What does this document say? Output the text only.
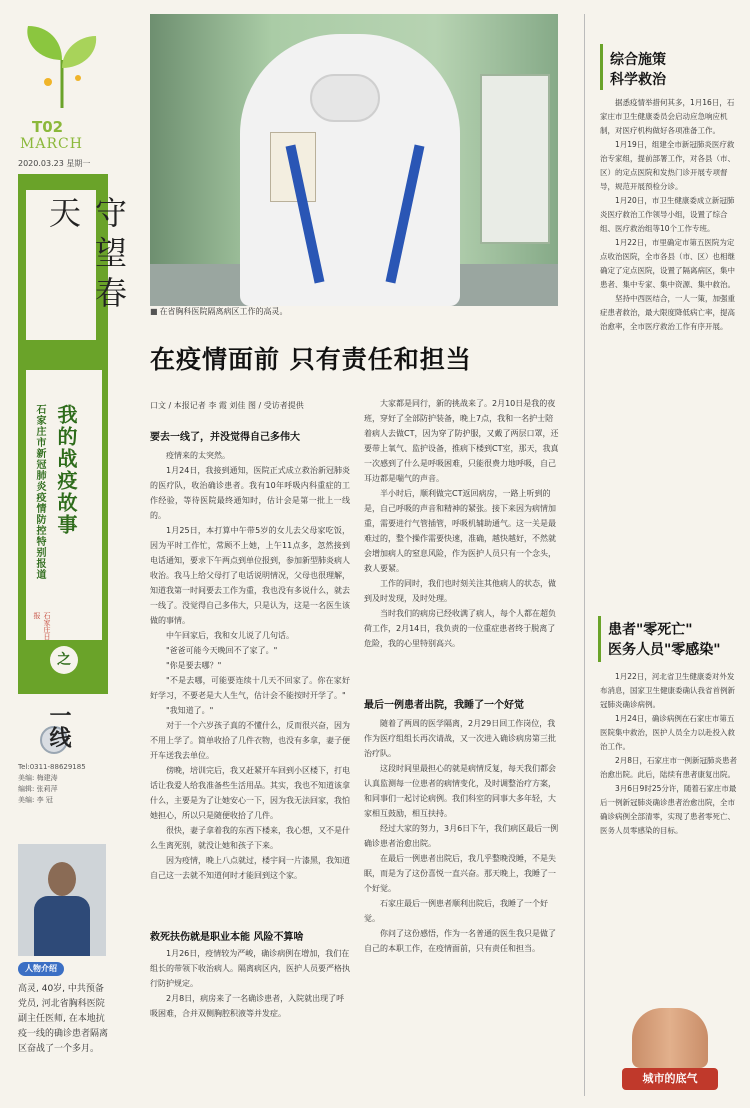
T02
MARCH
2020.03.23 星期一
守望春天
石家庄市新冠肺炎疫情防控特别报道 我的战疫故事
石家庄日报
之
一线
Tel:0311-88629185
美编: 梅建涛
编辑: 张莉萍
美编: 李 冠
人物介绍
高灵, 40岁, 中共预备党员, 河北省胸科医院副主任医师, 在本地抗疫一线的确诊患者隔离区奋战了一个多月。
■ 在省胸科医院隔离病区工作的高灵。
在疫情面前 只有责任和担当
口文 / 本报记者 李 霞 刘佳 图 / 受访者提供
要去一线了，并没觉得自己多伟大

疫情来的太突然。

1月24日，我接到通知，医院正式成立救治新冠肺炎的医疗队，收治确诊患者。我有10年呼吸内科重症的工作经验，等待医院最终通知时，估计会是第一批上一线的。

1月25日，本打算中午带5岁的女儿去父母家吃饭，因为平时工作忙，常顾不上她，上午11点多，忽然接到电话通知，要求下午两点到单位报到，参加新型肺炎病人收治。我马上给父母打了电话说明情况，父母也很理解，知道我第一时间要去工作为重，我也没有多说什么，就去一线了。没觉得自己多伟大，只是认为，这是一名医生该做的事情。

中午回家后，我和女儿说了几句话。

"爸爸可能今天晚回不了家了。"

"你是要去哪？"

"不是去哪，可能要连续十几天不回家了。你在家好好学习，不要老是大人生气，估计会不能按时开学了。"

"我知道了。"

对于一个六岁孩子真的不懂什么，反而很兴奋，因为不用上学了。简单收拾了几件衣物，也没有多拿，妻子便开车送我去单位。

傍晚，培训完后，我又赶紧开车回到小区楼下，打电话让我爱人给我准备些生活用品。其实，我也不知道该拿什么，主要是为了让她安心一下，因为我无法回家，我怕她担心，所以只是随便收拾了几件。

很快，妻子拿着我的东西下楼来，我心想，又不是什么生离死别，就没让她和孩子下来。

因为疫情，晚上八点就过，楼宇间一片漆黑，我知道自己这一去就不知道何时才能回到这个家。

救死扶伤就是职业本能 风险不算啥

1月26日，疫情较为严峻，确诊病例在增加，我们在组长的带领下收治病人。隔离病区内，医护人员要严格执行防护规定。

2月8日，病房来了一名确诊患者，入院就出现了呼吸困难，合并双侧胸腔积液等并发症。

大家都是同行，新的挑战来了。2月10日是我的夜班，穿好了全部防护装备，晚上7点，我和一名护士陪着病人去做CT，因为穿了防护服，又戴了两层口罩，还要带上氧气、监护设备，推病下楼到CT室，那天，我真一次感到了什么是呼吸困难，只能很费力地呼吸，自己耳边都是喘气的声音。

半小时后，顺利做完CT返回病房，一路上听到的是，自己呼吸的声音和精神的紧张。接下来因为病情加重，需要进行气管插管，呼吸机辅助通气。这一关是最难过的，整个操作需要快速，准确，越快越好，不然就会增加病人的窒息风险，作为医护人员只有一个念头，救人要紧。

工作的同时，我们也时刻关注其他病人的状态，做到及时发现，及时处理。

当时我们的病房已经收满了病人，每个人都在超负荷工作，2月14日，我负责的一位重症患者终于脱离了危险，我的心里特别高兴。

最后一例患者出院，我睡了一个好觉

随着了两周的医学隔离，2月29日回工作岗位，我作为医疗组组长再次请战，又一次进入确诊病房第三批治疗队。

这段时间里最担心的就是病情反复，每天我们都会认真监测每一位患者的病情变化，及时调整治疗方案，和同事们一起讨论病例。我们科室的同事大多年轻，大家相互鼓励，相互扶持。

经过大家的努力，3月6日下午，我们病区最后一例确诊患者治愈出院。

在最后一例患者出院后，我几乎整晚没睡，不是失眠，而是为了这份喜悦一直兴奋。那天晚上，我睡了一个好觉。

石家庄最后一例患者顺利出院后，我睡了一个好觉。

你问了这份感悟，作为一名普通的医生我只是做了自己的本职工作，在疫情面前，只有责任和担当。

综合施策
科学救治

据悉疫情举措何其多，1月16日，石家庄市卫生健康委员会启动应急响应机制，对医疗机构做好各项准备工作。

1月19日，组建全市新冠肺炎医疗救治专家组，提前部署工作，对各县（市、区）的定点医院和发热门诊开展专项督导，规范开展预检分诊。

1月20日，市卫生健康委成立新冠肺炎医疗救治工作领导小组，设置了综合组、医疗救治组等10个工作专班。

1月22日，市里确定市第五医院为定点收治医院，全市各县（市、区）也相继确定了定点医院，设置了隔离病区，集中患者、集中专家、集中资源、集中救治。

坚持中西医结合，一人一策，加强重症患者救治，最大限度降低病亡率，提高治愈率，全市医疗救治工作有序开展。

患者"零死亡"
医务人员"零感染"

1月22日，河北省卫生健康委对外发布消息，国家卫生健康委确认我省首例新冠肺炎确诊病例。

1月24日，确诊病例在石家庄市第五医院集中救治，医护人员全力以赴投入救治工作。

2月8日，石家庄市一例新冠肺炎患者治愈出院。此后，陆续有患者康复出院。

3月6日9时25分许，随着石家庄市最后一例新冠肺炎确诊患者治愈出院，全市确诊病例全部清零，实现了患者零死亡、医务人员零感染的目标。

城市的底气
